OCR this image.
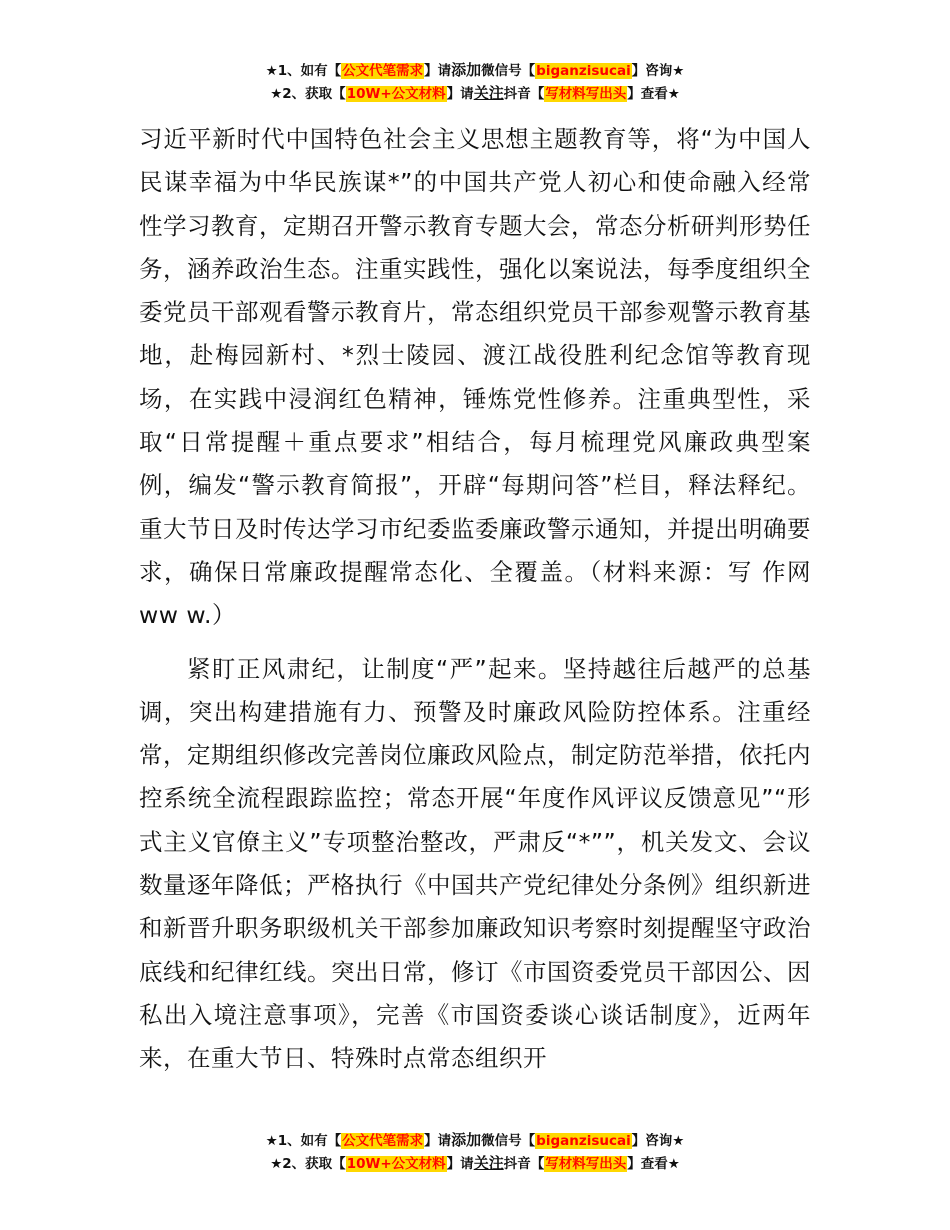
★1、如有【公文代笔需求】请添加微信号【biganzisucai】咨询★
★2、获取【10W+公文材料】请关注抖音【写材料写出头】查看★

习近平新时代中国特色社会主义思想主题教育等，将“为中国人民谋幸福为中华民族谋*”的中国共产党人初心和使命融入经常性学习教育，定期召开警示教育专题大会，常态分析研判形势任务，涵养政治生态。注重实践性，强化以案说法，每季度组织全委党员干部观看警示教育片，常态组织党员干部参观警示教育基地，赴梅园新村、*烈士陵园、渡江战役胜利纪念馆等教育现场，在实践中浸润红色精神，锤炼党性修养。注重典型性，采取“日常提醒＋重点要求”相结合，每月梳理党风廉政典型案例，编发“警示教育简报”，开辟“每期问答”栏目，释法释纪。重大节日及时传达学习市纪委监委廉政警示通知，并提出明确要求，确保日常廉政提醒常态化、全覆盖。（材料来源：写 作网 ww w.）

紧盯正风肃纪，让制度“严”起来。坚持越往后越严的总基调，突出构建措施有力、预警及时廉政风险防控体系。注重经常，定期组织修改完善岗位廉政风险点，制定防范举措，依托内控系统全流程跟踪监控；常态开展“年度作风评议反馈意见”“形式主义官僚主义”专项整治整改，严肃反“*””，机关发文、会议数量逐年降低；严格执行《中国共产党纪律处分条例》组织新进和新晋升职务职级机关干部参加廉政知识考察时刻提醒坚守政治底线和纪律红线。突出日常，修订《市国资委党员干部因公、因私出入境注意事项》，完善《市国资委谈心谈话制度》，近两年来，在重大节日、特殊时点常态组织开

★1、如有【公文代笔需求】请添加微信号【biganzisucai】咨询★
★2、获取【10W+公文材料】请关注抖音【写材料写出头】查看★
